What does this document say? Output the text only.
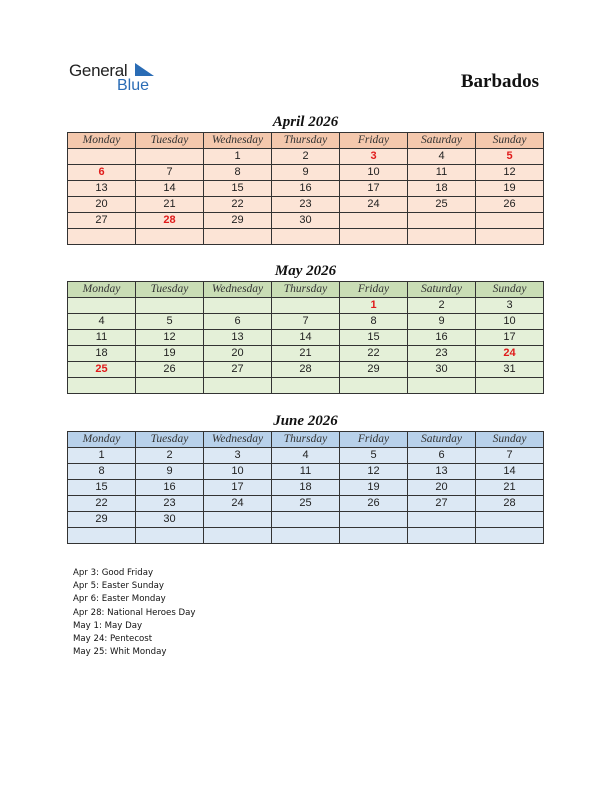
General
Blue	Barbados
April 2026
Monday	Tuesday	Wednesday	Thursday	Friday	Saturday	Sunday
		1	2	3	4	5
6	7	8	9	10	11	12
13	14	15	16	17	18	19
20	21	22	23	24	25	26
27	28	29	30			

May 2026
Monday	Tuesday	Wednesday	Thursday	Friday	Saturday	Sunday
				1	2	3
4	5	6	7	8	9	10
11	12	13	14	15	16	17
18	19	20	21	22	23	24
25	26	27	28	29	30	31

June 2026
Monday	Tuesday	Wednesday	Thursday	Friday	Saturday	Sunday
1	2	3	4	5	6	7
8	9	10	11	12	13	14
15	16	17	18	19	20	21
22	23	24	25	26	27	28
29	30					

Apr 3: Good Friday
Apr 5: Easter Sunday
Apr 6: Easter Monday
Apr 28: National Heroes Day
May 1: May Day
May 24: Pentecost
May 25: Whit Monday
